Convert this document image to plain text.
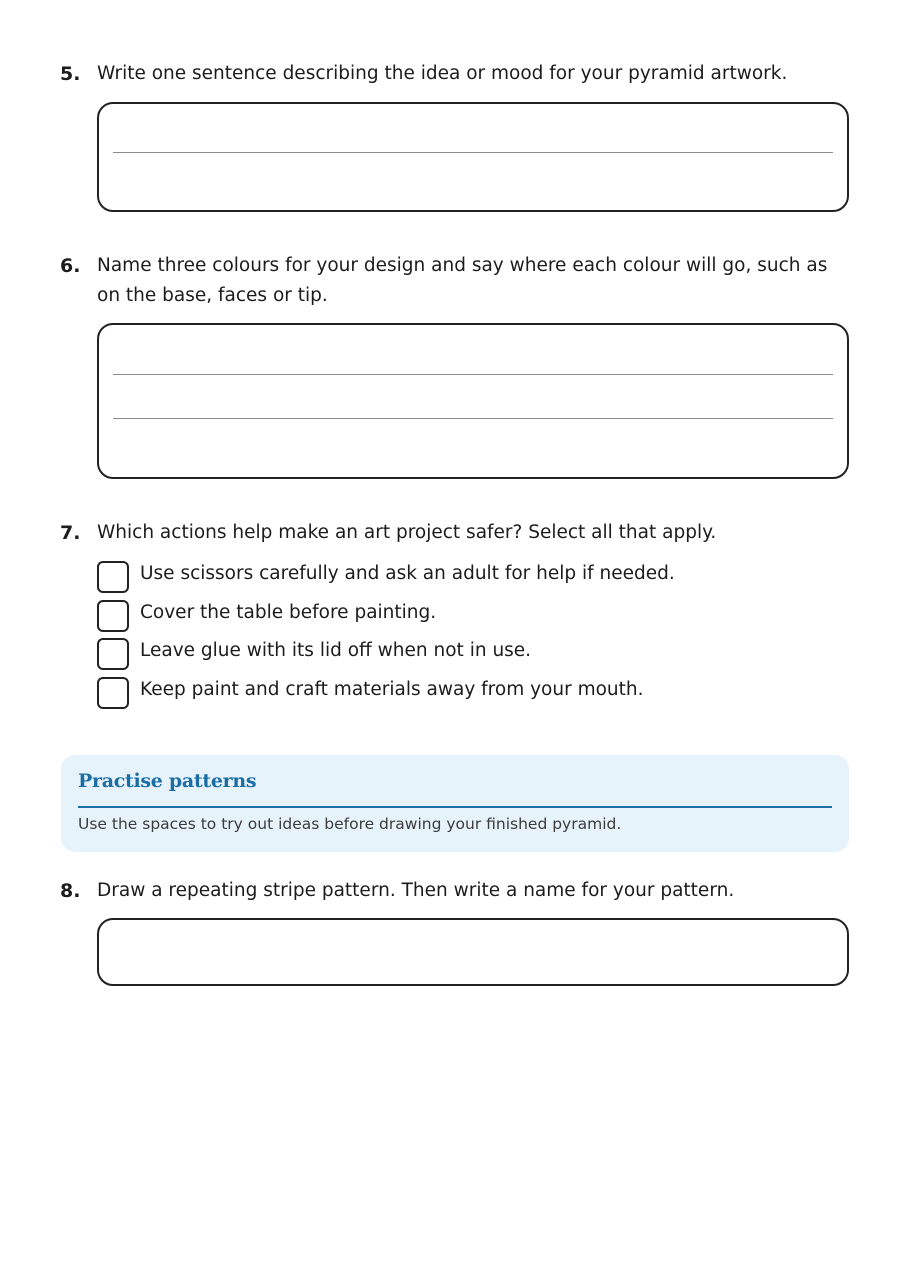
5. Write one sentence describing the idea or mood for your pyramid artwork.
6. Name three colours for your design and say where each colour will go, such as on the base, faces or tip.
7. Which actions help make an art project safer? Select all that apply.
Use scissors carefully and ask an adult for help if needed.
Cover the table before painting.
Leave glue with its lid off when not in use.
Keep paint and craft materials away from your mouth.
Practise patterns
Use the spaces to try out ideas before drawing your finished pyramid.
8. Draw a repeating stripe pattern. Then write a name for your pattern.
